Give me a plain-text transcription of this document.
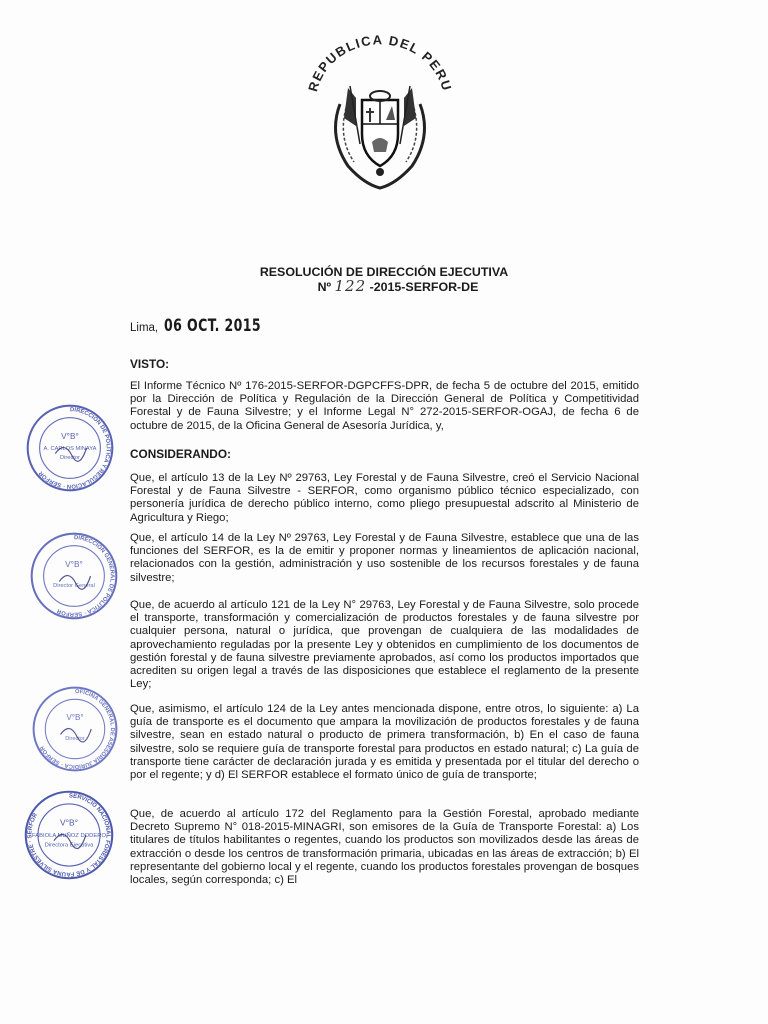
REPUBLICA DEL PERU
RESOLUCIÓN DE DIRECCIÓN EJECUTIVA
Nº 122 -2015-SERFOR-DE
Lima, 06 OCT. 2015
VISTO:
CONSIDERANDO:

El Informe Técnico Nº 176-2015-SERFOR-DGPCFFS-DPR, de fecha 5 de octubre del 2015, emitido por la Dirección de Política y Regulación de la Dirección General de Política y Competitividad Forestal y de Fauna Silvestre; y el Informe Legal N° 272-2015-SERFOR-OGAJ, de fecha 6 de octubre de 2015, de la Oficina General de Asesoría Jurídica, y,

Que, el artículo 13 de la Ley Nº 29763, Ley Forestal y de Fauna Silvestre, creó el Servicio Nacional Forestal y de Fauna Silvestre - SERFOR, como organismo público técnico especializado, con personería jurídica de derecho público interno, como pliego presupuestal adscrito al Ministerio de Agricultura y Riego;

Que, el artículo 14 de la Ley Nº 29763, Ley Forestal y de Fauna Silvestre, establece que una de las funciones del SERFOR, es la de emitir y proponer normas y lineamientos de aplicación nacional, relacionados con la gestión, administración y uso sostenible de los recursos forestales y de fauna silvestre;

Que, de acuerdo al artículo 121 de la Ley N° 29763, Ley Forestal y de Fauna Silvestre, solo procede el transporte, transformación y comercialización de productos forestales y de fauna silvestre por cualquier persona, natural o jurídica, que provengan de cualquiera de las modalidades de aprovechamiento reguladas por la presente Ley y obtenidos en cumplimiento de los documentos de gestión forestal y de fauna silvestre previamente aprobados, así como los productos importados que acrediten su origen legal a través de las disposiciones que establece el reglamento de la presente Ley;

Que, asimismo, el artículo 124 de la Ley antes mencionada dispone, entre otros, lo siguiente: a) La guía de transporte es el documento que ampara la movilización de productos forestales y de fauna silvestre, sean en estado natural o producto de primera transformación, b) En el caso de fauna silvestre, solo se requiere guía de transporte forestal para productos en estado natural; c) La guía de transporte tiene carácter de declaración jurada y es emitida y presentada por el titular del derecho o por el regente; y d) El SERFOR establece el formato único de guía de transporte;

Que, de acuerdo al artículo 172 del Reglamento para la Gestión Forestal, aprobado mediante Decreto Supremo N° 018-2015-MINAGRI, son emisores de la Guía de Transporte Forestal: a) Los titulares de títulos habilitantes o regentes, cuando los productos son movilizados desde las áreas de extracción o desde los centros de transformación primaria, ubicadas en las áreas de extracción; b) El representante del gobierno local y el regente, cuando los productos forestales provengan de bosques locales, según corresponda; c) El

DIRECCIÓN DE POLÍTICA Y REGULACIÓN · SERFOR
V°B°
A. CARLOS MINAYA
Director
DIRECCIÓN GENERAL DE POLÍTICA · SERFOR
V°B°
Director General
OFICINA GENERAL DE ASESORÍA JURÍDICA · SERFOR
V°B°
Director
SERVICIO NACIONAL FORESTAL Y DE FAUNA SILVESTRE · SERFOR
V°B°
FABIOLA MUÑOZ DODERO
Directora Ejecutiva
